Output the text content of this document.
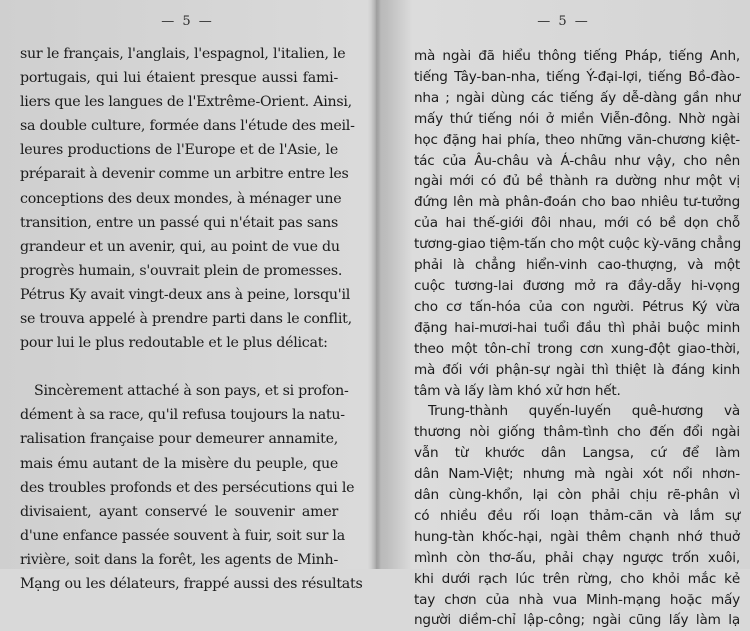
— 5 —
sur le français, l'anglais, l'espagnol, l'italien, le
portugais, qui lui étaient presque aussi fami-
liers que les langues de l'Extrême-Orient. Ainsi,
sa double culture, formée dans l'étude des meil-
leures productions de l'Europe et de l'Asie, le
préparait à devenir comme un arbitre entre les
conceptions des deux mondes, à ménager une
transition, entre un passé qui n'était pas sans
grandeur et un avenir, qui, au point de vue du
progrès humain, s'ouvrait plein de promesses.
Pétrus Ky avait vingt-deux ans à peine, lorsqu'il
se trouva appelé à prendre parti dans le conflit,
pour lui le plus redoutable et le plus délicat:
Sincèrement attaché à son pays, et si profon-
dément à sa race, qu'il refusa toujours la natu-
ralisation française pour demeurer annamite,
mais ému autant de la misère du peuple, que
des troubles profonds et des persécutions qui le
divisaient, ayant conservé le souvenir amer
d'une enfance passée souvent à fuir, soit sur la
rivière, soit dans la forêt, les agents de Minh-
Mạng ou les délateurs, frappé aussi des résultats
— 5 —
mà ngài đã hiểu thông tiếng Pháp, tiếng Anh,
tiếng Tây-ban-nha, tiếng Ý-đại-lợi, tiếng Bồ-đào-
nha ; ngài dùng các tiếng ấy dễ-dàng gần như
mấy thứ tiếng nói ở miền Viễn-đông. Nhờ ngài
học đặng hai phía, theo những văn-chương kiệt-
tác của Âu-châu và Á-châu như vậy, cho nên
ngài mới có đủ bề thành ra dường như một vị
đứng lên mà phân-đoán cho bao nhiêu tư-tưởng
của hai thế-giới đôi nhau, mới có bề dọn chỗ
tương-giao tiệm-tấn cho một cuộc kỳ-vãng chẳng
phải là chẳng hiển-vinh cao-thượng, và một
cuộc tương-lai đương mở ra đầy-dẫy hi-vọng
cho cơ tấn-hóa của con người. Pétrus Ký vừa
đặng hai-mươi-hai tuổi đầu thì phải buộc minh
theo một tôn-chỉ trong cơn xung-đột giao-thời,
mà đối với phận-sự ngài thì thiệt là đáng kinh
tâm và lấy làm khó xử hơn hết.
Trung-thành quyến-luyến quê-hương và
thương nòi giống thâm-tình cho đến đổi ngài
vẫn từ khước dân Langsa, cứ để làm
dân Nam-Việt; nhưng mà ngài xót nổi nhơn-
dân cùng-khổn, lại còn phải chịu rẽ-phân vì
có nhiều đều rối loạn thảm-căn và lắm sự
hung-tàn khốc-hại, ngài thêm chạnh nhớ thuở
mình còn thơ-ấu, phải chạy ngược trốn xuôi,
khi dưới rạch lúc trên rừng, cho khỏi mắc kẻ
tay chơn của nhà vua Minh-mạng hoặc mấy
người diềm-chỉ lập-công; ngài cũng lấy làm lạ
